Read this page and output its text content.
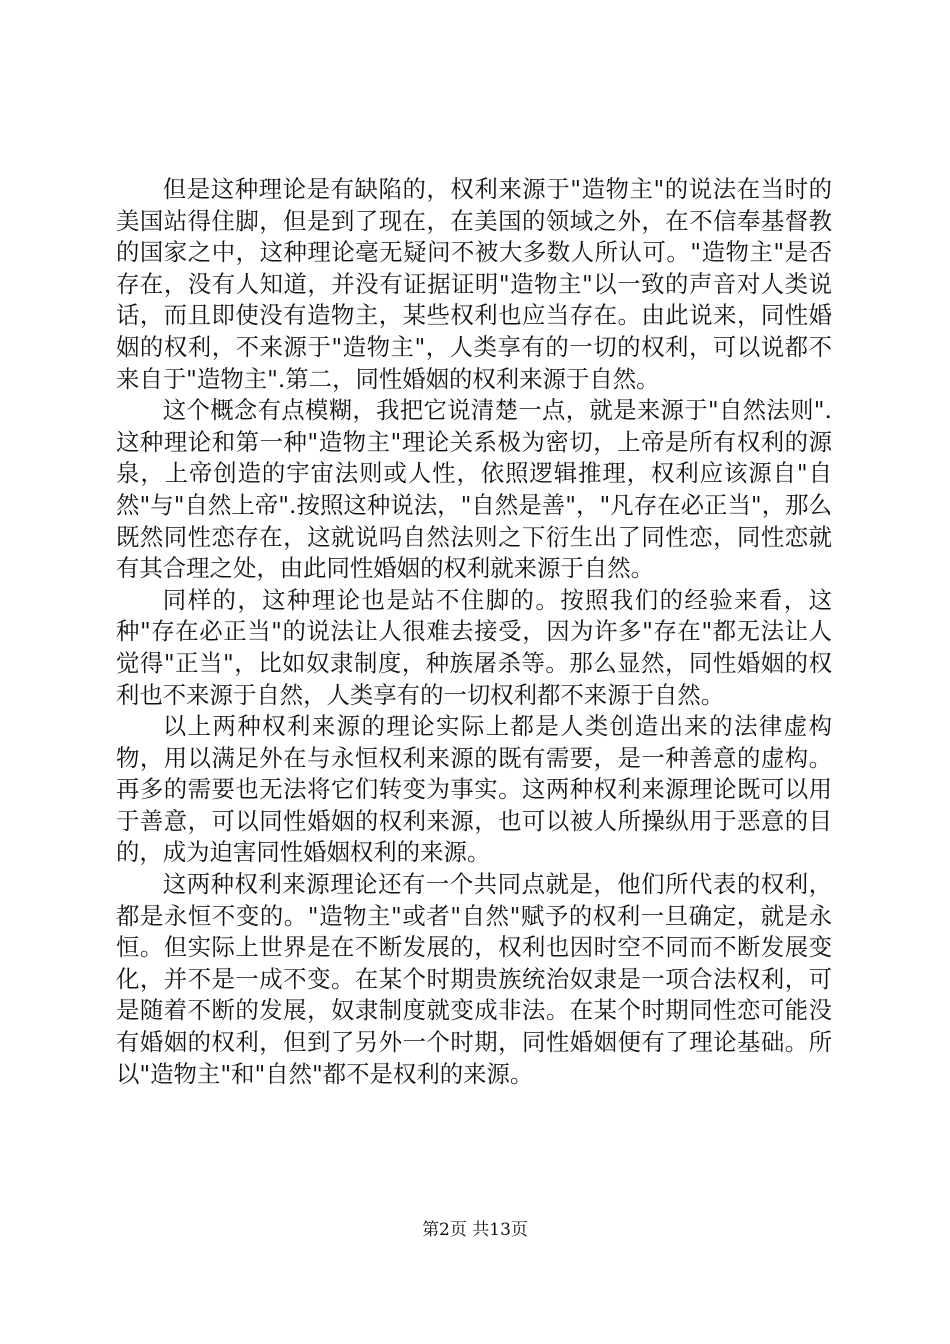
但是这种理论是有缺陷的，权利来源于"造物主"的说法在当时的美国站得住脚，但是到了现在，在美国的领域之外，在不信奉基督教的国家之中，这种理论毫无疑问不被大多数人所认可。"造物主"是否存在，没有人知道，并没有证据证明"造物主"以一致的声音对人类说话，而且即使没有造物主，某些权利也应当存在。由此说来，同性婚姻的权利，不来源于"造物主"，人类享有的一切的权利，可以说都不来自于"造物主".第二，同性婚姻的权利来源于自然。

这个概念有点模糊，我把它说清楚一点，就是来源于"自然法则".这种理论和第一种"造物主"理论关系极为密切，上帝是所有权利的源泉，上帝创造的宇宙法则或人性，依照逻辑推理，权利应该源自"自然"与"自然上帝".按照这种说法，"自然是善"，"凡存在必正当"，那么既然同性恋存在，这就说吗自然法则之下衍生出了同性恋，同性恋就有其合理之处，由此同性婚姻的权利就来源于自然。

同样的，这种理论也是站不住脚的。按照我们的经验来看，这种"存在必正当"的说法让人很难去接受，因为许多"存在"都无法让人觉得"正当"，比如奴隶制度，种族屠杀等。那么显然，同性婚姻的权利也不来源于自然，人类享有的一切权利都不来源于自然。

以上两种权利来源的理论实际上都是人类创造出来的法律虚构物，用以满足外在与永恒权利来源的既有需要，是一种善意的虚构。再多的需要也无法将它们转变为事实。这两种权利来源理论既可以用于善意，可以同性婚姻的权利来源，也可以被人所操纵用于恶意的目的，成为迫害同性婚姻权利的来源。

这两种权利来源理论还有一个共同点就是，他们所代表的权利，都是永恒不变的。"造物主"或者"自然"赋予的权利一旦确定，就是永恒。但实际上世界是在不断发展的，权利也因时空不同而不断发展变化，并不是一成不变。在某个时期贵族统治奴隶是一项合法权利，可是随着不断的发展，奴隶制度就变成非法。在某个时期同性恋可能没有婚姻的权利，但到了另外一个时期，同性婚姻便有了理论基础。所以"造物主"和"自然"都不是权利的来源。

第2页 共13页
